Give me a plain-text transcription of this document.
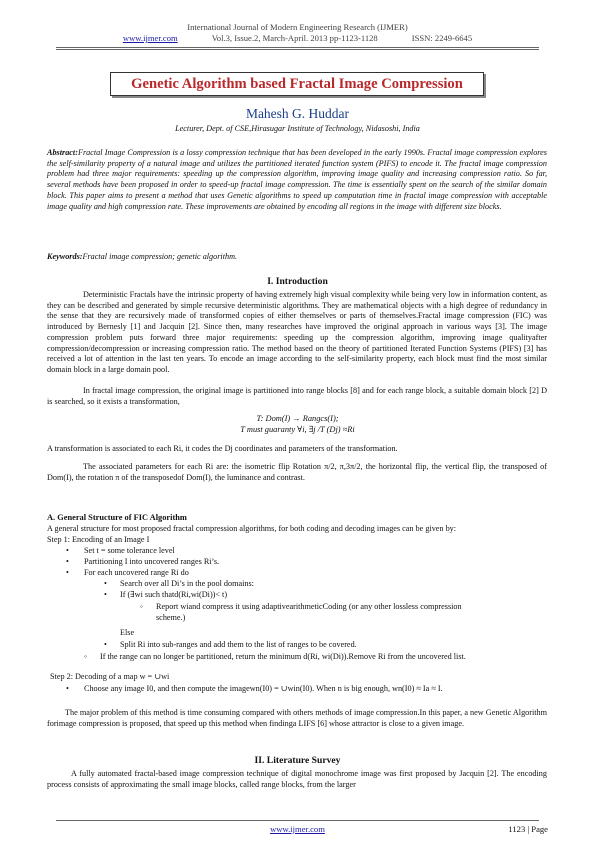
International Journal of Modern Engineering Research (IJMER)
www.ijmer.com	Vol.3, Issue.2, March-April. 2013 pp-1123-1128	ISSN: 2249-6645
Genetic Algorithm based Fractal Image Compression
Mahesh G. Huddar
Lecturer, Dept. of CSE,Hirasugar Institute of Technology, Nidasoshi, India
Abstract:Fractal Image Compression is a lossy compression technique that has been developed in the early 1990s. Fractal image compression explores the self-similarity property of a natural image and utilizes the partitioned iterated function system (PIFS) to encode it. The fractal image compression problem had three major requirements: speeding up the compression algorithm, improving image quality and increasing compression ratio. So far, several methods have been proposed in order to speed-up fractal image compression. The time is essentially spent on the search of the similar domain block. This paper aims to present a method that uses Genetic algorithms to speed up computation time in fractal image compression with acceptable image quality and high compression rate. These improvements are obtained by encoding all regions in the image with different size blocks.
Keywords:Fractal image compression; genetic algorithm.
I. Introduction
Deterministic Fractals have the intrinsic property of having extremely high visual complexity while being very low in information content, as they can be described and generated by simple recursive deterministic algorithms. They are mathematical objects with a high degree of redundancy in the sense that they are recursively made of transformed copies of either themselves or parts of themselves.Fractal image compression (FIC) was introduced by Bernesly [1] and Jacquin [2]. Since then, many researches have improved the original approach in various ways [3]. The image compression problem puts forward three major requirements: speeding up the compression algorithm, improving image qualityafter compression/decompression or increasing compression ratio. The method based on the theory of partitioned Iterated Function Systems (PIFS) [3] has received a lot of attention in the last ten years. To encode an image according to the self-similarity property, each block must find the most similar domain block in a large domain pool.
In fractal image compression, the original image is partitioned into range blocks [8] and for each range block, a suitable domain block [2] D is searched, so it exists a transformation,
T: Dom(I) → Rangcs(I);
T must guaranty ∀i, ∃j /T (Dj) ≈Ri
A transformation is associated to each Ri, it codes the Dj coordinates and parameters of the transformation.
The associated parameters for each Ri are: the isometric flip Rotation π/2, π,3π/2, the horizontal flip, the vertical flip, the transposed of Dom(I), the rotation π of the transposedof Dom(I), the luminance and contrast.
A. General Structure of FIC Algorithm
A general structure for most proposed fractal compression algorithms, for both coding and decoding images can be given by:
Step 1: Encoding of an Image I
• Set t = some tolerance level
• Partitioning I into uncovered ranges Ri’s.
• For each uncovered range Ri do
• Search over all Di’s in the pool domains:
• If (∃wi such thatd(Ri,wi(Di))< t)
◦ Report wiand compress it using adaptivearithmeticCoding (or any other lossless compression
scheme.)
Else
• Split Ri into sub-ranges and add them to the list of ranges to be covered.
◦ If the range can no longer be partitioned, return the minimum d(Ri, wi(Di)).Remove Ri from the uncovered list.
Step 2: Decoding of a map w = ∪wi
• Choose any image I0, and then compute the imagewn(I0) = ∪win(I0). When n is big enough, wn(I0) ≈ Ia ≈ I.
The major problem of this method is time consuming compared with others methods of image compression.In this paper, a new Genetic Algorithm forimage compression is proposed, that speed up this method when findinga LIFS [6] whose attractor is close to a given image.
II. Literature Survey
A fully automated fractal-based image compression technique of digital monochrome image was first proposed by Jacquin [2]. The encoding process consists of approximating the small image blocks, called range blocks, from the larger
www.ijmer.com	1123 | Page
